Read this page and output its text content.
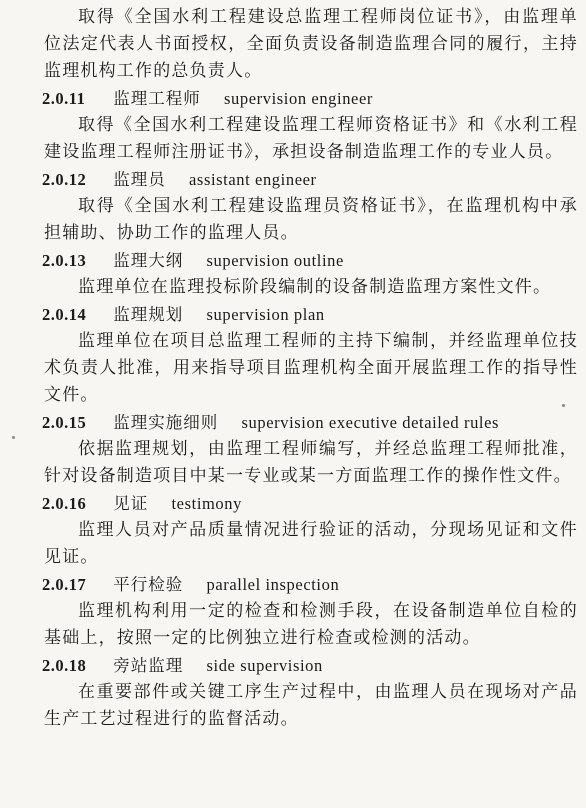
取得《全国水利工程建设总监理工程师岗位证书》，由监理单位法定代表人书面授权，全面负责设备制造监理合同的履行，主持监理机构工作的总负责人。

2.0.11 监理工程师 supervision engineer

取得《全国水利工程建设监理工程师资格证书》和《水利工程建设监理工程师注册证书》，承担设备制造监理工作的专业人员。

2.0.12 监理员 assistant engineer

取得《全国水利工程建设监理员资格证书》，在监理机构中承担辅助、协助工作的监理人员。

2.0.13 监理大纲 supervision outline

监理单位在监理投标阶段编制的设备制造监理方案性文件。

2.0.14 监理规划 supervision plan

监理单位在项目总监理工程师的主持下编制，并经监理单位技术负责人批准，用来指导项目监理机构全面开展监理工作的指导性文件。

2.0.15 监理实施细则 supervision executive detailed rules

依据监理规划，由监理工程师编写，并经总监理工程师批准，针对设备制造项目中某一专业或某一方面监理工作的操作性文件。

2.0.16 见证 testimony

监理人员对产品质量情况进行验证的活动，分现场见证和文件见证。

2.0.17 平行检验 parallel inspection

监理机构利用一定的检查和检测手段，在设备制造单位自检的基础上，按照一定的比例独立进行检查或检测的活动。

2.0.18 旁站监理 side supervision

在重要部件或关键工序生产过程中，由监理人员在现场对产品生产工艺过程进行的监督活动。
